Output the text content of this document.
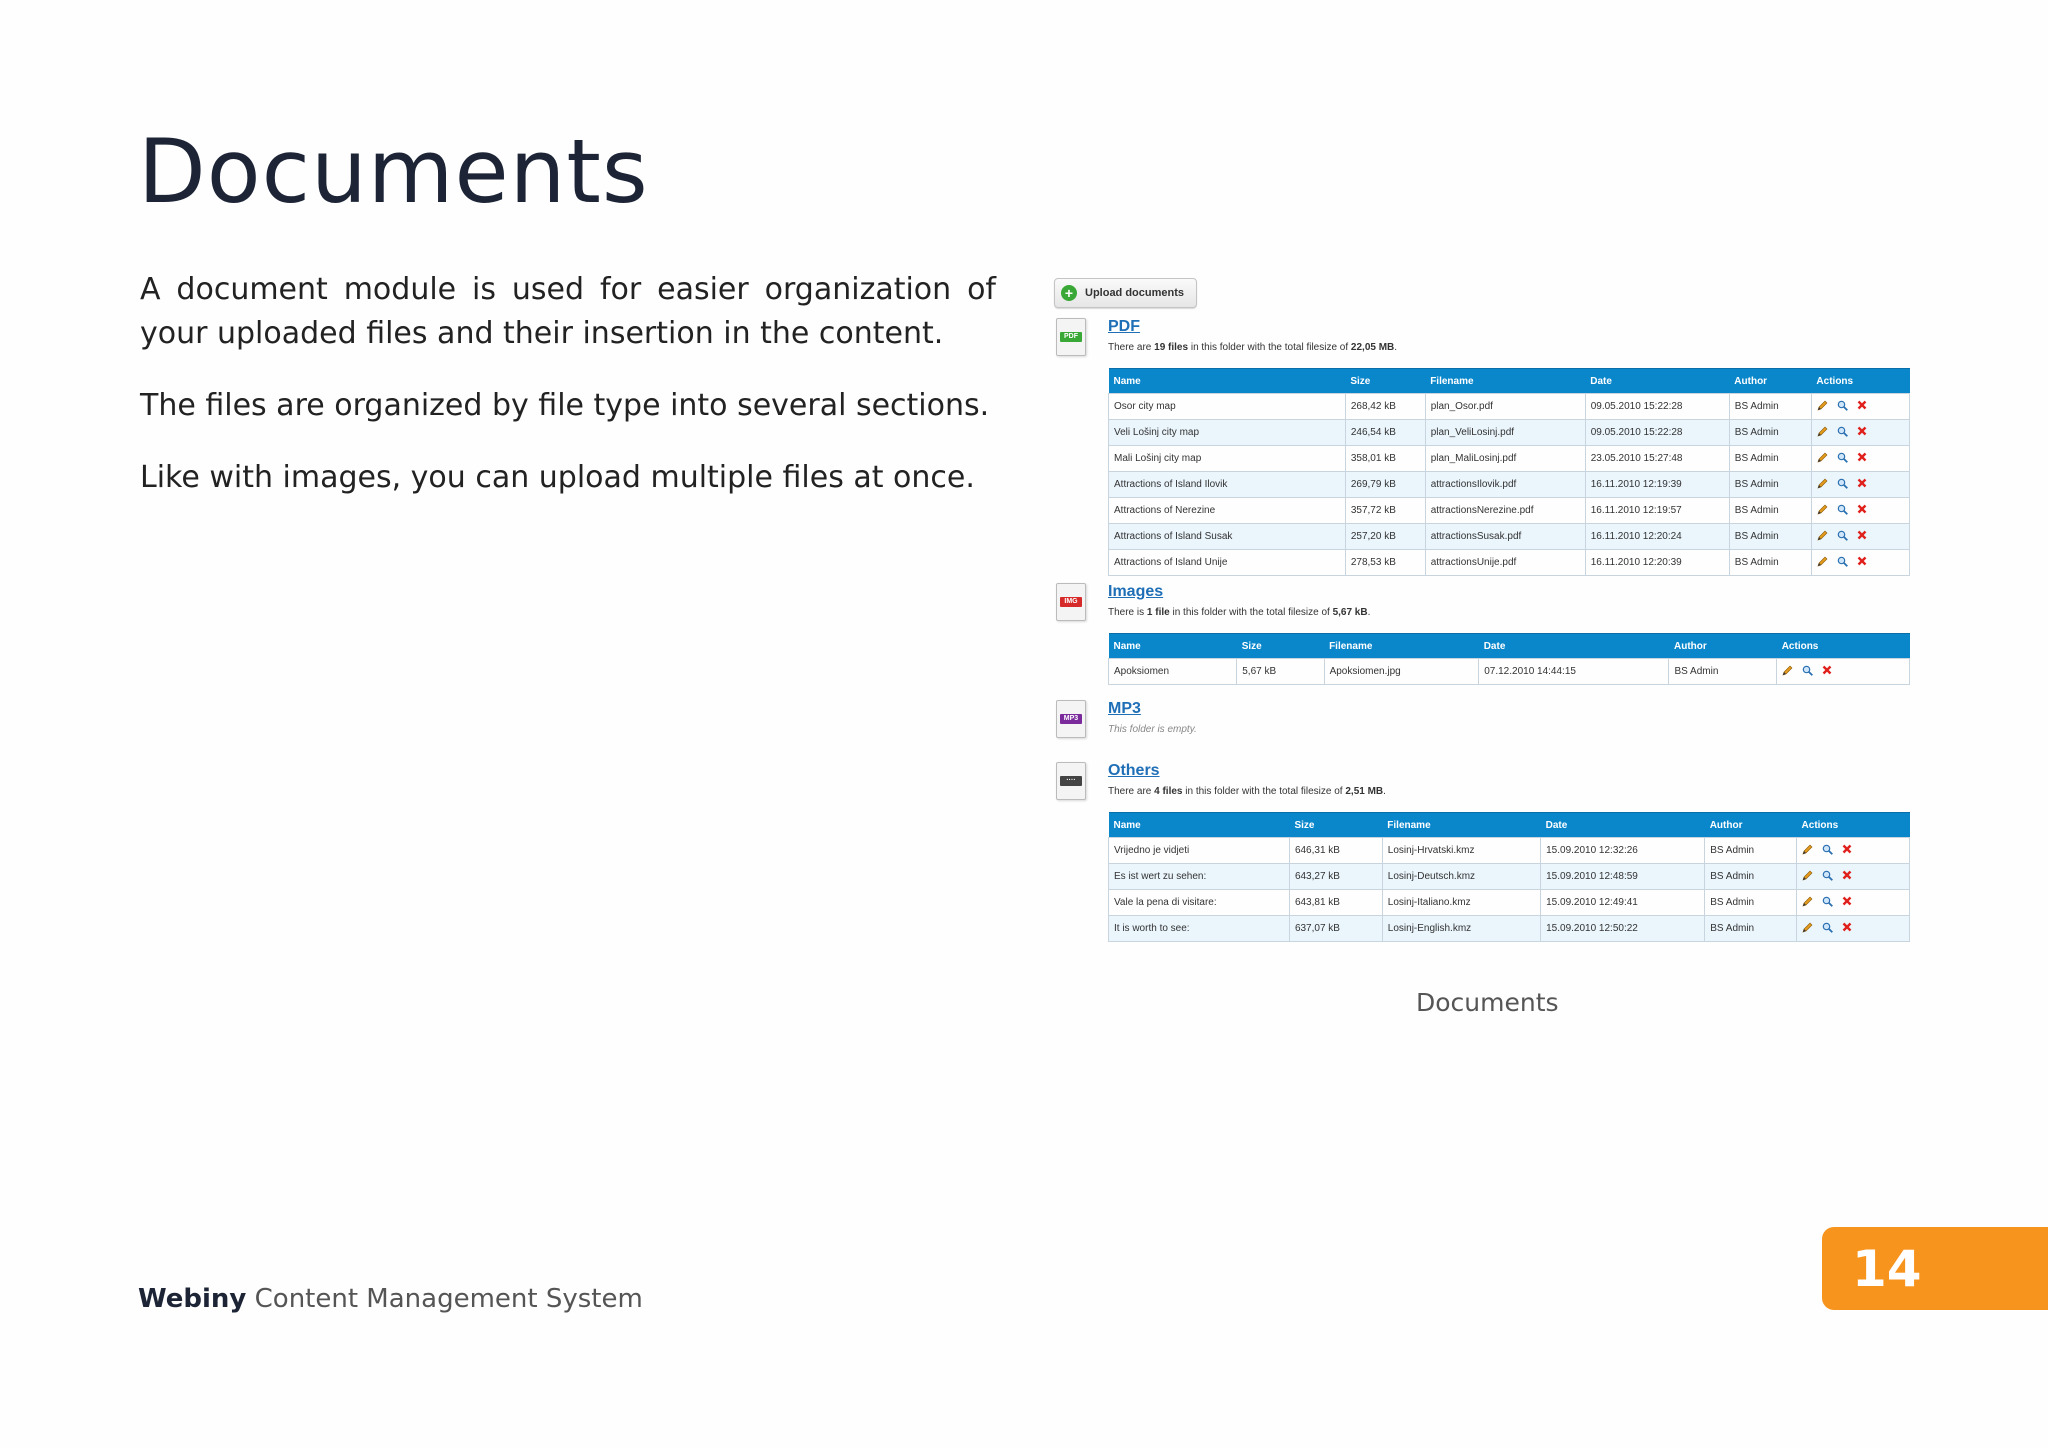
Documents

A document module is used for easier organization of your uploaded files and their insertion in the content.

The files are organized by file type into several sections.

Like with images, you can upload multiple files at once.

+	Upload documents
PDF
PDF
There are 19 files in this folder with the total filesize of 22,05 MB.
Name	Size	Filename	Date	Author	Actions
Osor city map	268,42 kB	plan_Osor.pdf	09.05.2010 15:22:28	BS Admin	

Veli Lošinj city map	246,54 kB	plan_VeliLosinj.pdf	09.05.2010 15:22:28	BS Admin	

Mali Lošinj city map	358,01 kB	plan_MaliLosinj.pdf	23.05.2010 15:27:48	BS Admin	

Attractions of Island Ilovik	269,79 kB	attractionsIlovik.pdf	16.11.2010 12:19:39	BS Admin	

Attractions of Nerezine	357,72 kB	attractionsNerezine.pdf	16.11.2010 12:19:57	BS Admin	

Attractions of Island Susak	257,20 kB	attractionsSusak.pdf	16.11.2010 12:20:24	BS Admin	

Attractions of Island Unije	278,53 kB	attractionsUnije.pdf	16.11.2010 12:20:39	BS Admin	
IMG
Images
There is 1 file in this folder with the total filesize of 5,67 kB.
Name	Size	Filename	Date	Author	Actions
Apoksiomen	5,67 kB	Apoksiomen.jpg	07.12.2010 14:44:15	BS Admin	
MP3
MP3
This folder is empty.
····
Others
There are 4 files in this folder with the total filesize of 2,51 MB.
Name	Size	Filename	Date	Author	Actions
Vrijedno je vidjeti	646,31 kB	Losinj-Hrvatski.kmz	15.09.2010 12:32:26	BS Admin	

Es ist wert zu sehen:	643,27 kB	Losinj-Deutsch.kmz	15.09.2010 12:48:59	BS Admin	

Vale la pena di visitare:	643,81 kB	Losinj-Italiano.kmz	15.09.2010 12:49:41	BS Admin	

It is worth to see:	637,07 kB	Losinj-English.kmz	15.09.2010 12:50:22	BS Admin	
Documents
Webiny Content Management System
14
